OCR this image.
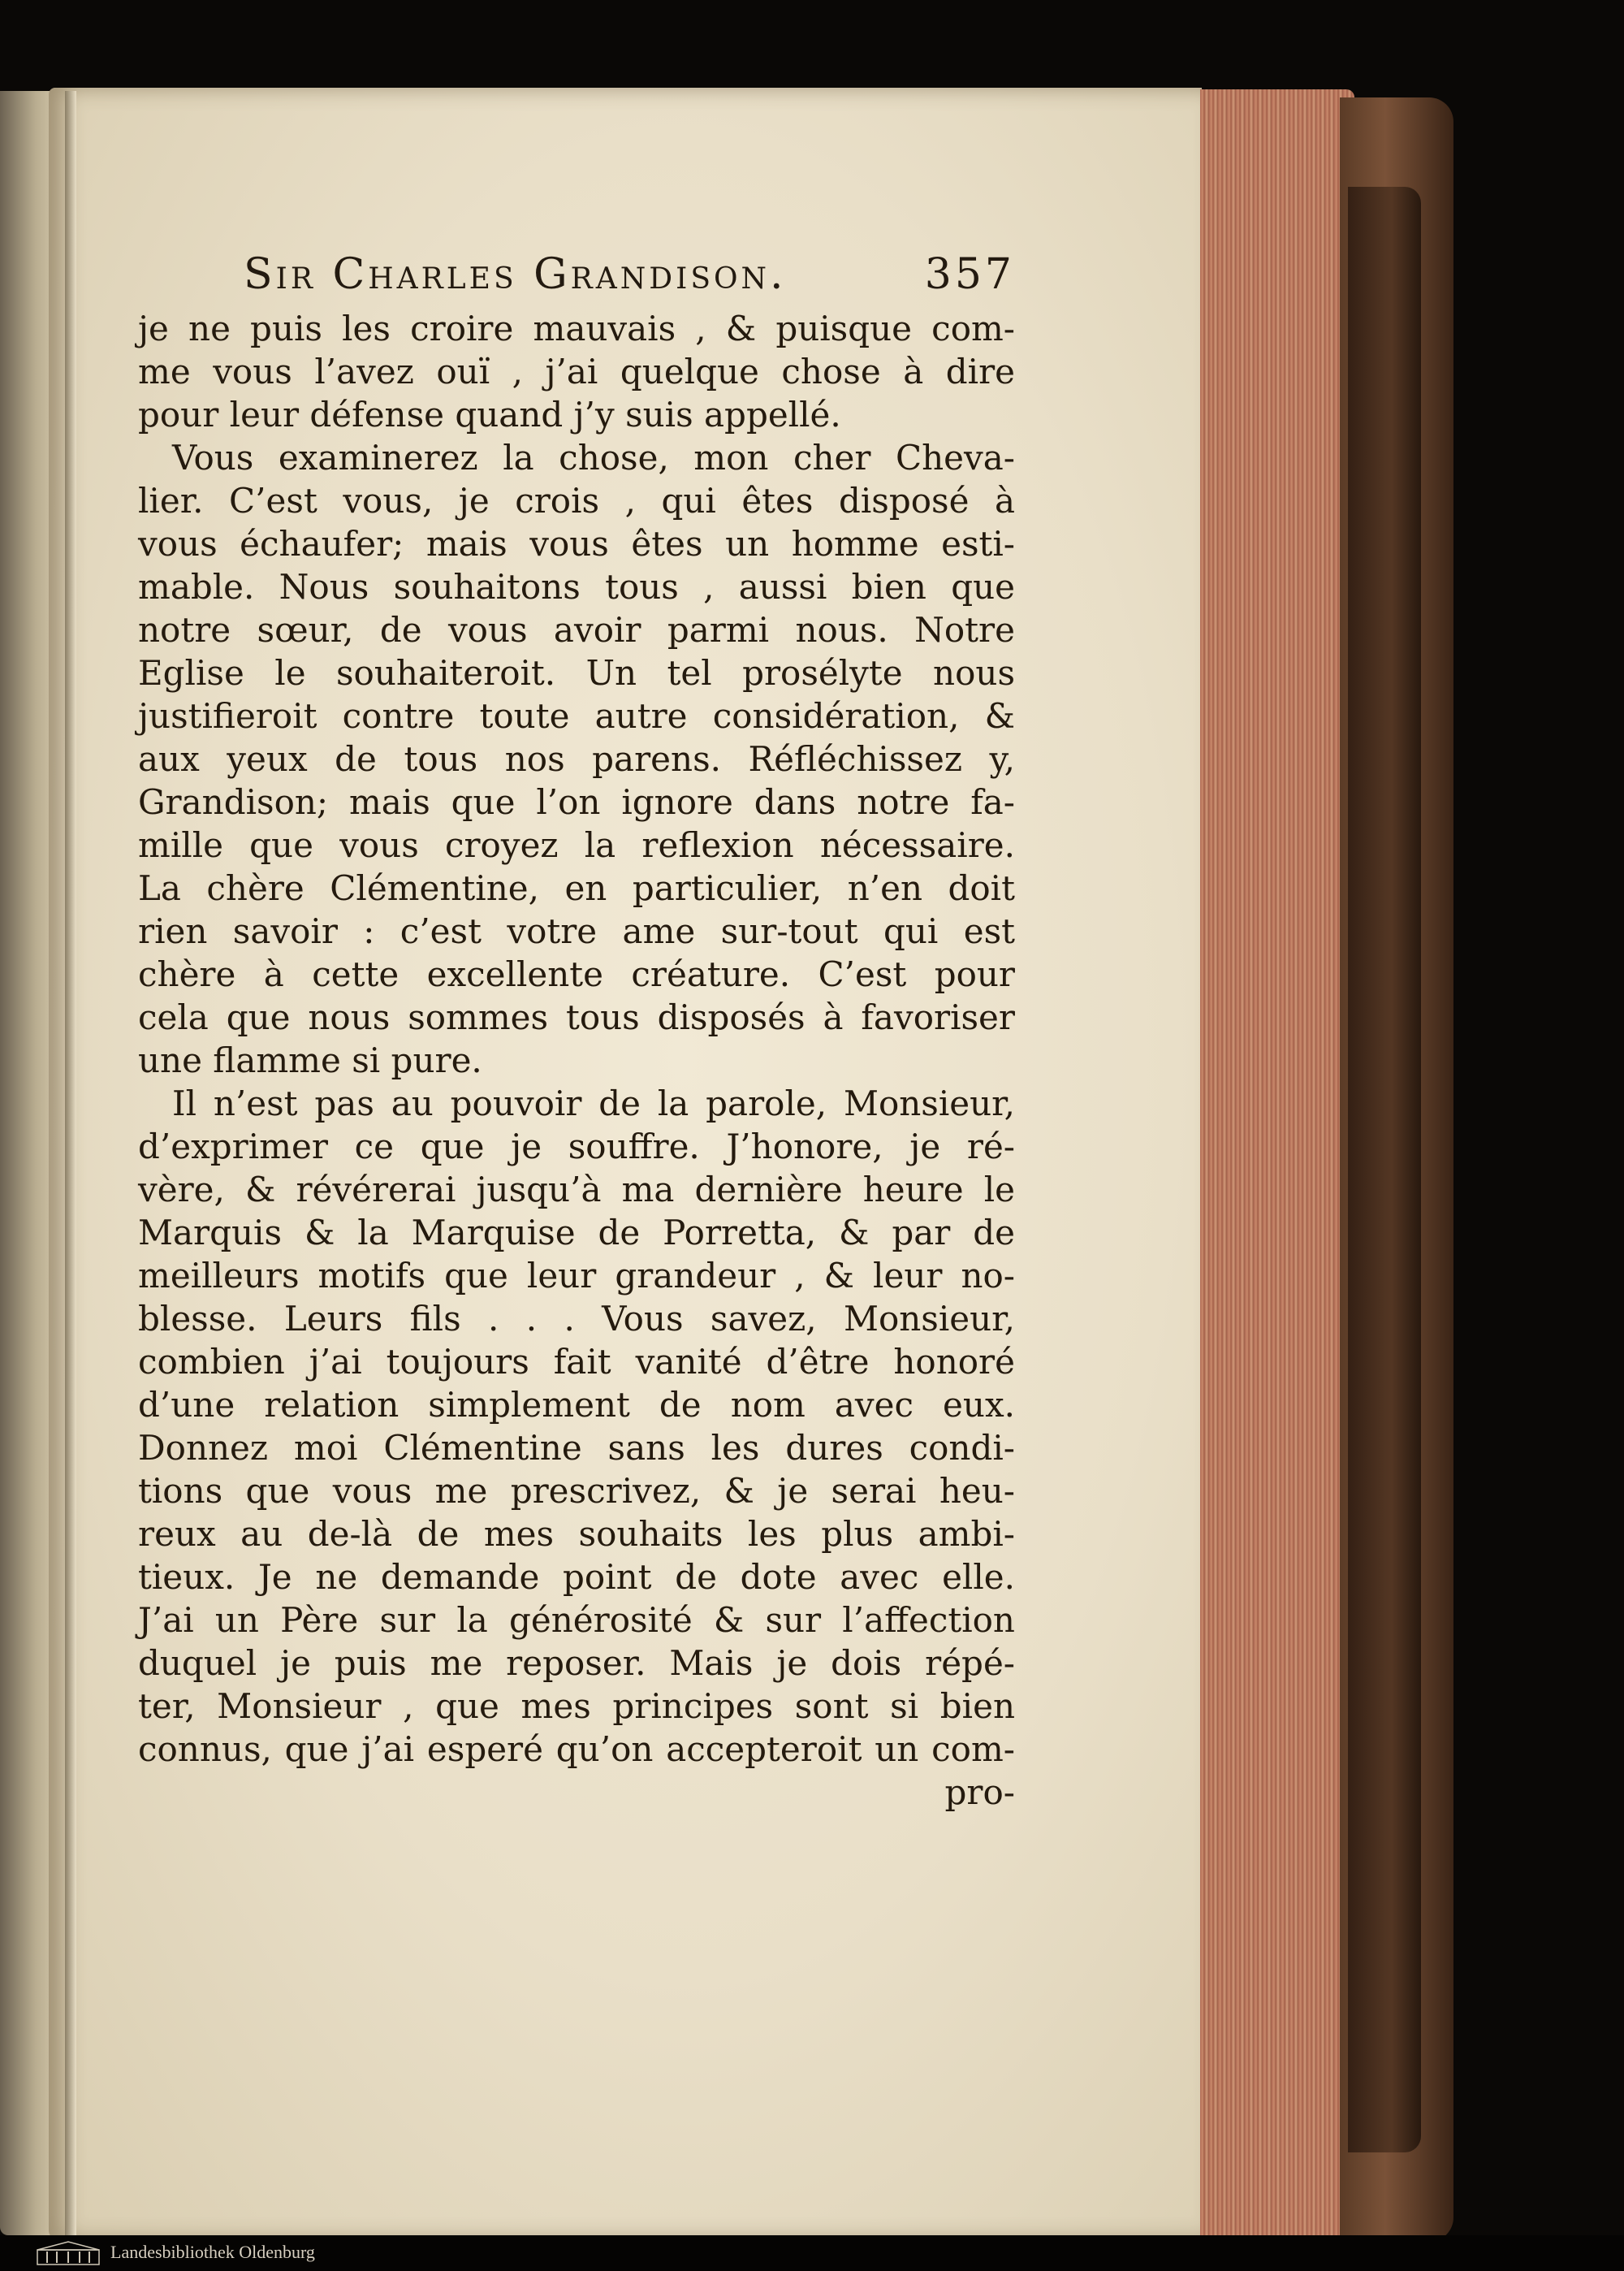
Sir Charles Grandison.	357
je ne puis les croire mauvais , & puisque com-
me vous l’avez ouï , j’ai quelque chose à dire
pour leur défense quand j’y suis appellé.
Vous examinerez la chose, mon cher Cheva-
lier. C’est vous, je crois , qui êtes disposé à
vous échaufer; mais vous êtes un homme esti-
mable. Nous souhaitons tous , aussi bien que
notre sœur, de vous avoir parmi nous. Notre
Eglise le souhaiteroit. Un tel prosélyte nous
justifieroit contre toute autre considération, &
aux yeux de tous nos parens. Réfléchissez y,
Grandison; mais que l’on ignore dans notre fa-
mille que vous croyez la reflexion nécessaire.
La chère Clémentine, en particulier, n’en doit
rien savoir : c’est votre ame sur-tout qui est
chère à cette excellente créature. C’est pour
cela que nous sommes tous disposés à favoriser
une flamme si pure.
Il n’est pas au pouvoir de la parole, Monsieur,
d’exprimer ce que je souffre. J’honore, je ré-
vère, & révérerai jusqu’à ma dernière heure le
Marquis & la Marquise de Porretta, & par de
meilleurs motifs que leur grandeur , & leur no-
blesse. Leurs fils . . . Vous savez, Monsieur,
combien j’ai toujours fait vanité d’être honoré
d’une relation simplement de nom avec eux.
Donnez moi Clémentine sans les dures condi-
tions que vous me prescrivez, & je serai heu-
reux au de-là de mes souhaits les plus ambi-
tieux. Je ne demande point de dote avec elle.
J’ai un Père sur la générosité & sur l’affection
duquel je puis me reposer. Mais je dois répé-
ter, Monsieur , que mes principes sont si bien
connus, que j’ai esperé qu’on accepteroit un com-
pro-
Landesbibliothek Oldenburg
